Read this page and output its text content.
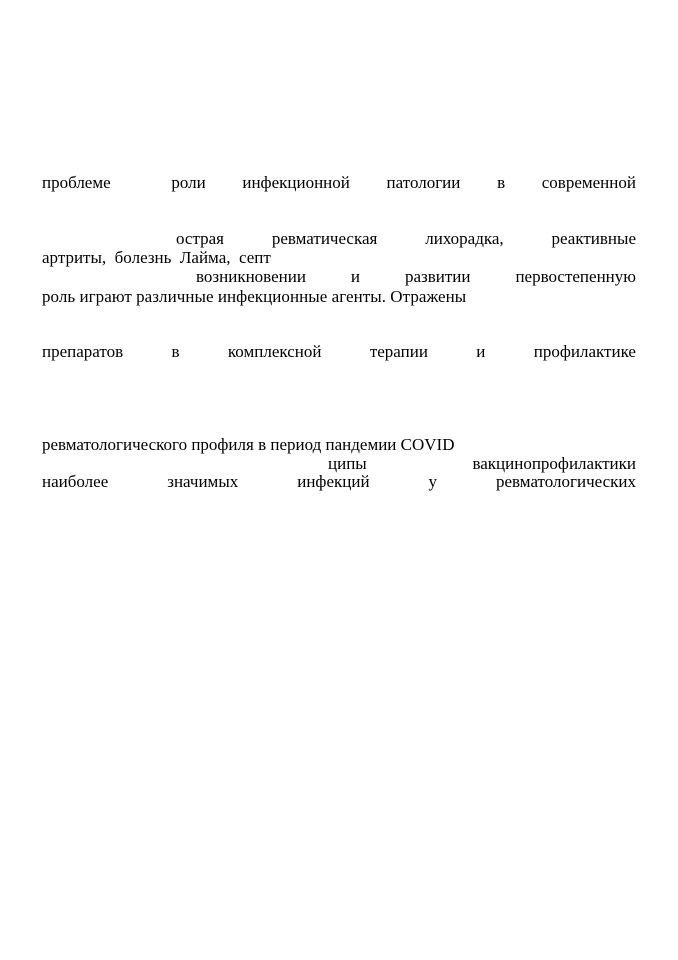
проблеме	роли инфекционной патологии в современной
острая	ревматическая	лихорадка,	реактивные
артриты,  болезнь  Лайма,  септ
возникновении	и	развитии	первостепенную
роль играют различные инфекционные агенты. Отражены
препаратов	в	комплексной	терапии	и	профилактике
ревматологического профиля в период пандемии COVID
ципы	вакцинопрофилактики
наиболее	значимых	инфекций	у	ревматологических
